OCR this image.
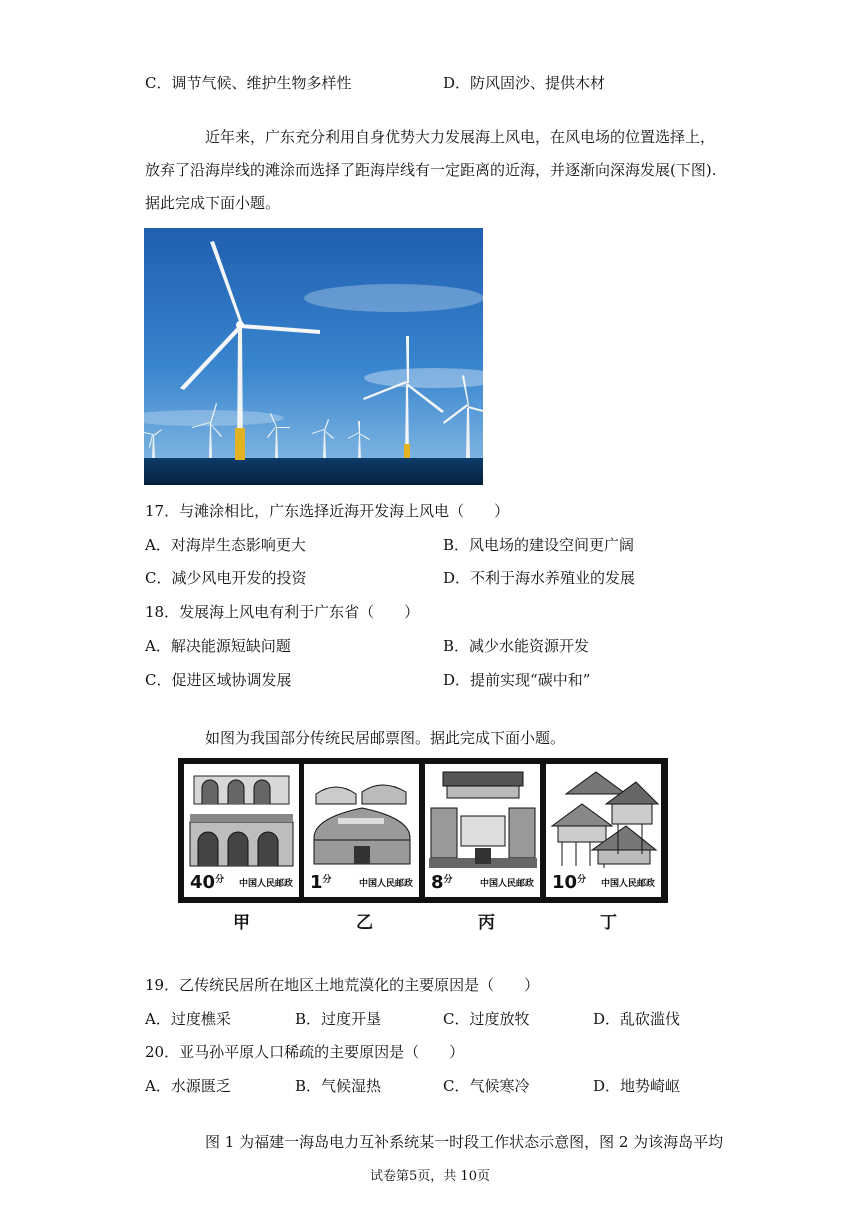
C．调节气候、维护生物多样性	D．防风固沙、提供木材
近年来，广东充分利用自身优势大力发展海上风电，在风电场的位置选择上，
放弃了沿海岸线的滩涂而选择了距海岸线有一定距离的近海，并逐渐向深海发展(下图).
据此完成下面小题。
17．与滩涂相比，广东选择近海开发海上风电（　　）
A．对海岸生态影响更大	B．风电场的建设空间更广阔
C．减少风电开发的投资	D．不利于海水养殖业的发展
18．发展海上风电有利于广东省（　　）
A．解决能源短缺问题	B．减少水能资源开发
C．促进区域协调发展	D．提前实现“碳中和”
如图为我国部分传统民居邮票图。据此完成下面小题。
$40^分$ 中国人民邮政 $1^分$	中国人民邮政 $8^分$	中国人民邮政 $10^分$ 中国人民邮政
甲	乙	丙	丁
19．乙传统民居所在地区土地荒漠化的主要原因是（　　）
A．过度樵采	B．过度开垦	C．过度放牧	D．乱砍滥伐
20．亚马孙平原人口稀疏的主要原因是（　　）
A．水源匮乏	B．气候湿热	C．气候寒冷	D．地势崎岖
图 1 为福建一海岛电力互补系统某一时段工作状态示意图，图 2 为该海岛平均
试卷第5页，共 10页
